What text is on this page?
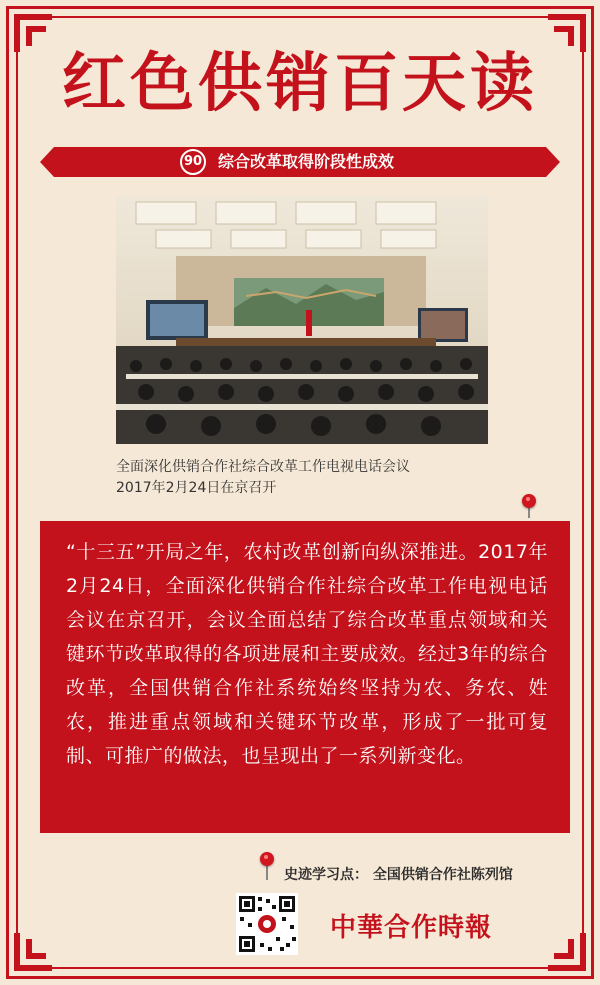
红色供销百天读
90 综合改革取得阶段性成效
全面深化供销合作社综合改革工作电视电话会议
2017年2月24日在京召开

“十三五”开局之年，农村改革创新向纵深推进。2017年2月24日，全面深化供销合作社综合改革工作电视电话会议在京召开，会议全面总结了综合改革重点领域和关键环节改革取得的各项进展和主要成效。经过3年的综合改革，全国供销合作社系统始终坚持为农、务农、姓农，推进重点领域和关键环节改革，形成了一批可复制、可推广的做法，也呈现出了一系列新变化。

史迹学习点： 全国供销合作社陈列馆
中華合作時報
